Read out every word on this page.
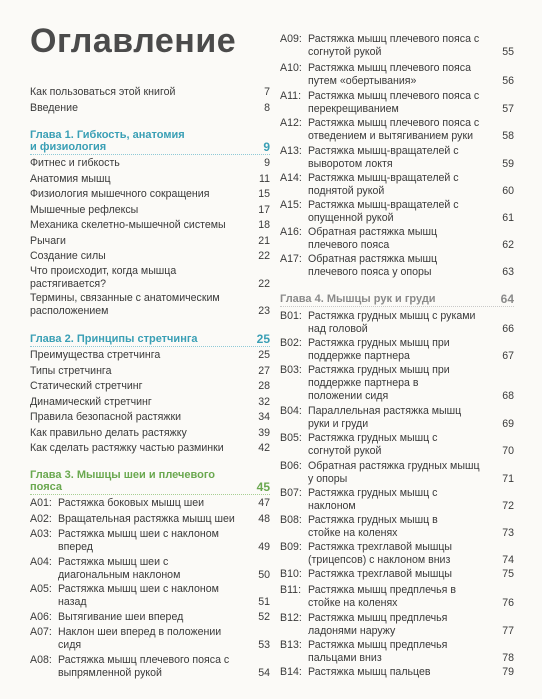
Оглавление
Как пользоваться этой книгой	7
Введение	8
Глава 1. Гибкость, анатомия
и физиология	9
Фитнес и гибкость	9
Анатомия мышц	11
Физиология мышечного сокращения	15
Мышечные рефлексы	17
Механика скелетно-мышечной системы	18
Рычаги	21
Создание силы	22
Что происходит, когда мышца растягивается?	22
Термины, связанные с анатомическим расположением	23
Глава 2. Принципы стретчинга	25
Преимущества стретчинга	25
Типы стретчинга	27
Статический стретчинг	28
Динамический стретчинг	32
Правила безопасной растяжки	34
Как правильно делать растяжку	39
Как сделать растяжку частью разминки	42
Глава 3. Мышцы шеи и плечевого
пояса	45
A01: Растяжка боковых мышц шеи	47
A02: Вращательная растяжка мышц шеи	48
A03: Растяжка мышц шеи с наклоном вперед	49
A04: Растяжка мышц шеи с диагональным наклоном	50
A05: Растяжка мышц шеи с наклоном назад	51
A06: Вытягивание шеи вперед	52
A07: Наклон шеи вперед в положении сидя	53
A08: Растяжка мышц плечевого пояса с выпрямленной рукой	54
A09: Растяжка мышц плечевого пояса с согнутой рукой	55
A10: Растяжка мышц плечевого пояса путем «обертывания»	56
A11: Растяжка мышц плечевого пояса с перекрещиванием	57
A12: Растяжка мышц плечевого пояса с отведением и вытягиванием руки	58
A13: Растяжка мышц-вращателей с выворотом локтя	59
A14: Растяжка мышц-вращателей с поднятой рукой	60
A15: Растяжка мышц-вращателей с опущенной рукой	61
A16: Обратная растяжка мышц плечевого пояса	62
A17: Обратная растяжка мышц плечевого пояса у опоры	63
Глава 4. Мышцы рук и груди	64
B01: Растяжка грудных мышц с руками над головой	66
B02: Растяжка грудных мышц при поддержке партнера	67
B03: Растяжка грудных мышц при поддержке партнера в положении сидя	68
B04: Параллельная растяжка мышц руки и груди	69
B05: Растяжка грудных мышц с согнутой рукой	70
B06: Обратная растяжка грудных мышц у опоры	71
B07: Растяжка грудных мышц с наклоном	72
B08: Растяжка грудных мышц в стойке на коленях	73
B09: Растяжка трехглавой мышцы (трицепсов) с наклоном вниз	74
B10: Растяжка трехглавой мышцы	75
B11: Растяжка мышц предплечья в стойке на коленях	76
B12: Растяжка мышц предплечья ладонями наружу	77
B13: Растяжка мышц предплечья пальцами вниз	78
B14: Растяжка мышц пальцев	79
